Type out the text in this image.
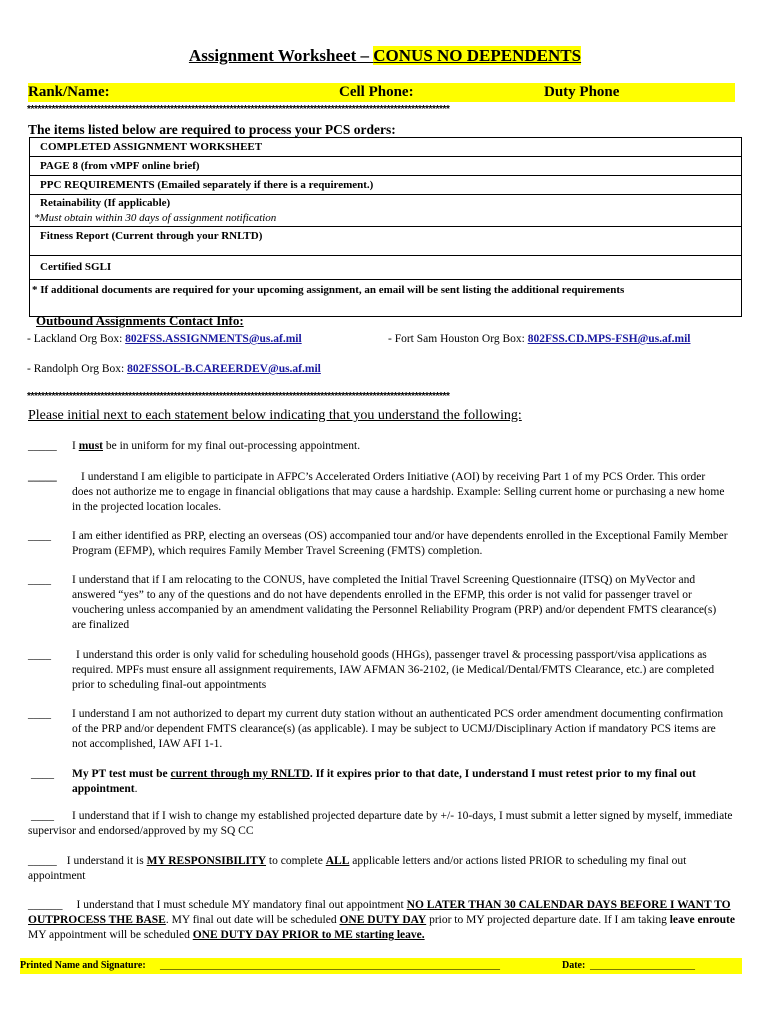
Assignment Worksheet – CONUS NO DEPENDENTS
Rank/Name:	Cell Phone:	Duty Phone
*************************************************************************************************************************
The items listed below are required to process your PCS orders:
COMPLETED ASSIGNMENT WORKSHEET
PAGE 8 (from vMPF online brief)
PPC REQUIREMENTS (Emailed separately if there is a requirement.)
Retainability (If applicable)
*Must obtain within 30 days of assignment notification
Fitness Report (Current through your RNLTD)
Certified SGLI
* If additional documents are required for your upcoming assignment, an email will be sent listing the additional requirements
Outbound Assignments Contact Info:
- Lackland Org Box: 802FSS.ASSIGNMENTS@us.af.mil	- Fort Sam Houston Org Box: 802FSS.CD.MPS-FSH@us.af.mil
- Randolph Org Box: 802FSSOL-B.CAREERDEV@us.af.mil
*************************************************************************************************************************
Please initial next to each statement below indicating that you understand the following:
_____ I must be in uniform for my final out-processing appointment.
_____	I understand I am eligible to participate in AFPC’s Accelerated Orders Initiative (AOI) by receiving Part 1 of my PCS Order. This order does not authorize me to engage in financial obligations that may cause a hardship. Example: Selling current home or purchasing a new home in the projected location locales.
____ I am either identified as PRP, electing an overseas (OS) accompanied tour and/or have dependents enrolled in the Exceptional Family Member Program (EFMP), which requires Family Member Travel Screening (FMTS) completion.
____ I understand that if I am relocating to the CONUS, have completed the Initial Travel Screening Questionnaire (ITSQ) on MyVector and answered “yes” to any of the questions and do not have dependents enrolled in the EFMP, this order is not valid for passenger travel or vouchering unless accompanied by an amendment validating the Personnel Reliability Program (PRP) and/or dependent FMTS clearance(s) are finalized
____	I understand this order is only valid for scheduling household goods (HHGs), passenger travel & processing passport/visa applications as required. MPFs must ensure all assignment requirements, IAW AFMAN 36-2102, (ie Medical/Dental/FMTS Clearance, etc.) are completed prior to scheduling final-out appointments
____ I understand I am not authorized to depart my current duty station without an authenticated PCS order amendment documenting confirmation of the PRP and/or dependent FMTS clearance(s) (as applicable). I may be subject to UCMJ/Disciplinary Action if mandatory PCS items are not accomplished, IAW AFI 1-1.
____ My PT test must be current through my RNLTD. If it expires prior to that date, I understand I must retest prior to my final out appointment.
____ I understand that if I wish to change my established projected departure date by +/- 10-days, I must submit a letter signed by myself, immediate supervisor and endorsed/approved by my SQ CC
_____ I understand it is MY RESPONSIBILITY to complete ALL applicable letters and/or actions listed PRIOR to scheduling my final out appointment
______ I understand that I must schedule MY mandatory final out appointment NO LATER THAN 30 CALENDAR DAYS BEFORE I WANT TO OUTPROCESS THE BASE. MY final out date will be scheduled ONE DUTY DAY prior to MY projected departure date. If I am taking leave enroute MY appointment will be scheduled ONE DUTY DAY PRIOR to ME starting leave.
Printed Name and Signature: ____________________________________________________________________	Date: _____________________
